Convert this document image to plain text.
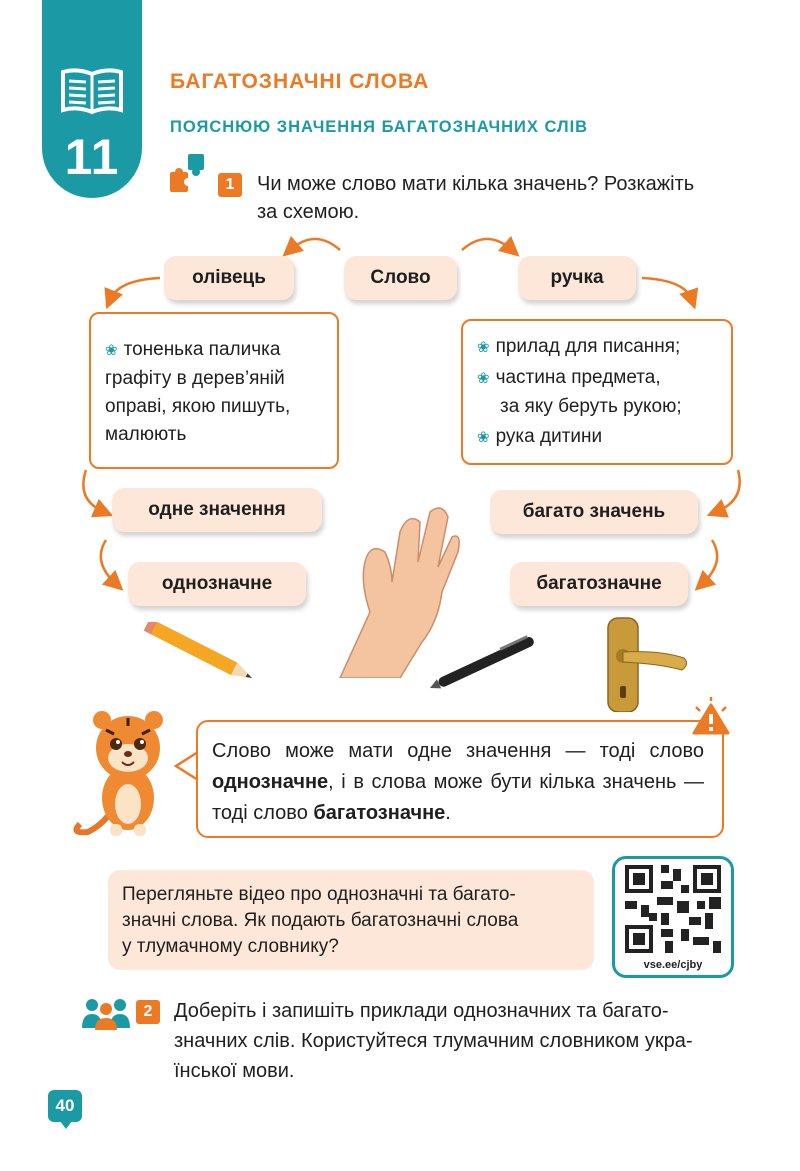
11
БАГАТОЗНАЧНІ СЛОВА
ПОЯСНЮЮ ЗНАЧЕННЯ БАГАТОЗНАЧНИХ СЛІВ
1	Чи може слово мати кілька значень? Розкажіть
за схемою.
Слово
олівець	ручка
❀ тоненька паличка
графіту в дерев’яній
оправі, якою пишуть,
малюють
❀ прилад для писання;
❀ частина предмета,
за яку беруть рукою;
❀ рука дитини
одне значення	багато значень
однозначне	багатозначне
Слово може мати одне значення — тоді слово однозначне, і в слова може бути кілька значень — тоді слово багатозначне.
Перегляньте відео про однозначні та багато-
значні слова. Як подають багатозначні слова
у тлумачному словнику?
vse.ee/cjby
2	Доберіть і запишіть приклади однозначних та багато-
значних слів. Користуйтеся тлумачним словником укра-
їнської мови.
40
